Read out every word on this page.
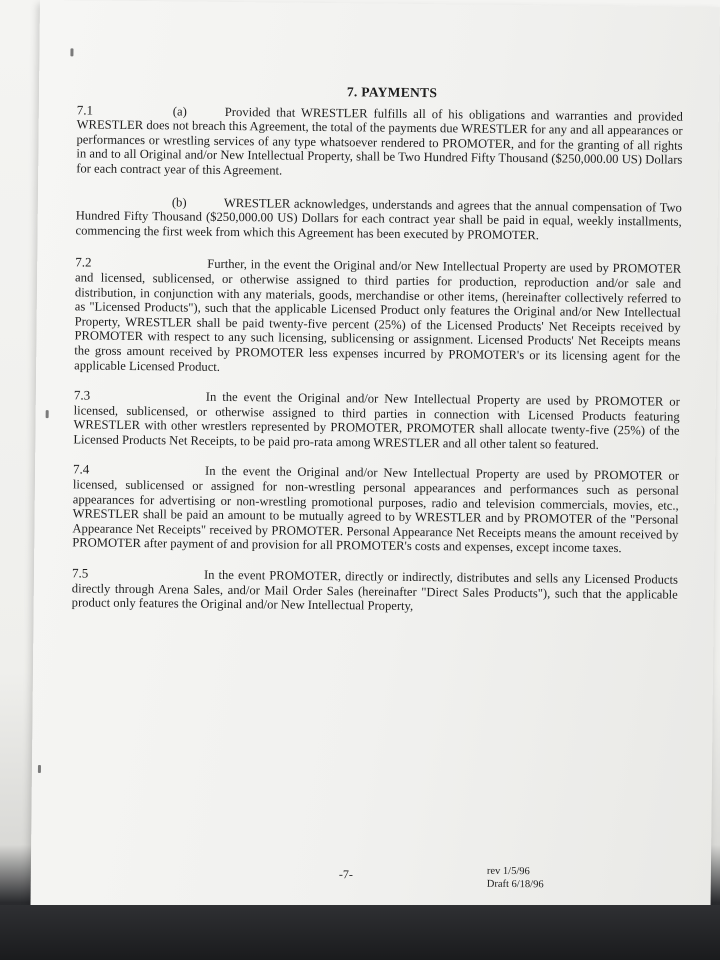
7. PAYMENTS

7.1	(a)	Provided that WRESTLER fulfills all of his obligations and warranties and provided WRESTLER does not breach this Agreement, the total of the payments due WRESTLER for any and all appearances or performances or wrestling services of any type whatsoever rendered to PROMOTER, and for the granting of all rights in and to all Original and/or New Intellectual Property, shall be Two Hundred Fifty Thousand ($250,000.00 US) Dollars for each contract year of this Agreement.

(b)	WRESTLER acknowledges, understands and agrees that the annual compensation of Two Hundred Fifty Thousand ($250,000.00 US) Dollars for each contract year shall be paid in equal, weekly installments, commencing the first week from which this Agreement has been executed by PROMOTER.

7.2	Further, in the event the Original and/or New Intellectual Property are used by PROMOTER and licensed, sublicensed, or otherwise assigned to third parties for production, reproduction and/or sale and distribution, in conjunction with any materials, goods, merchandise or other items, (hereinafter collectively referred to as "Licensed Products"), such that the applicable Licensed Product only features the Original and/or New Intellectual Property, WRESTLER shall be paid twenty-five percent (25%) of the Licensed Products' Net Receipts received by PROMOTER with respect to any such licensing, sublicensing or assignment. Licensed Products' Net Receipts means the gross amount received by PROMOTER less expenses incurred by PROMOTER's or its licensing agent for the applicable Licensed Product.

7.3	In the event the Original and/or New Intellectual Property are used by PROMOTER or licensed, sublicensed, or otherwise assigned to third parties in connection with Licensed Products featuring WRESTLER with other wrestlers represented by PROMOTER, PROMOTER shall allocate twenty-five (25%) of the Licensed Products Net Receipts, to be paid pro-rata among WRESTLER and all other talent so featured.

7.4	In the event the Original and/or New Intellectual Property are used by PROMOTER or licensed, sublicensed or assigned for non-wrestling personal appearances and performances such as personal appearances for advertising or non-wrestling promotional purposes, radio and television commercials, movies, etc., WRESTLER shall be paid an amount to be mutually agreed to by WRESTLER and by PROMOTER of the "Personal Appearance Net Receipts" received by PROMOTER. Personal Appearance Net Receipts means the amount received by PROMOTER after payment of and provision for all PROMOTER's costs and expenses, except income taxes.

7.5	In the event PROMOTER, directly or indirectly, distributes and sells any Licensed Products directly through Arena Sales, and/or Mail Order Sales (hereinafter "Direct Sales Products"), such that the applicable product only features the Original and/or New Intellectual Property,

-7-	rev 1/5/96
Draft 6/18/96
